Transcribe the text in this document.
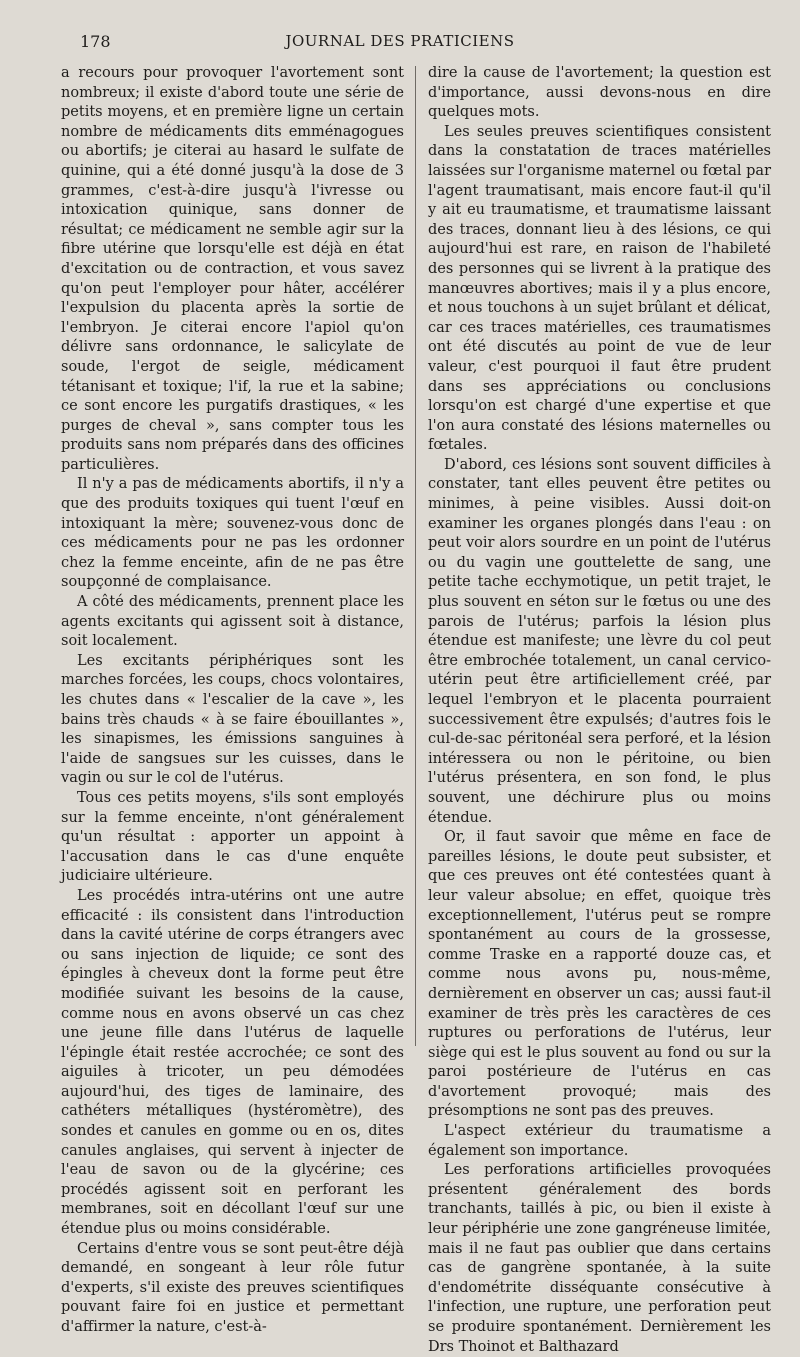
178	JOURNAL DES PRATICIENS

a recours pour provoquer l'avortement sont nombreux; il existe d'abord toute une série de petits moyens, et en première ligne un certain nombre de médicaments dits emménagogues ou abortifs; je citerai au hasard le sulfate de quinine, qui a été donné jusqu'à la dose de 3 grammes, c'est-à-dire jusqu'à l'ivresse ou intoxication quinique, sans donner de résultat; ce médicament ne semble agir sur la fibre utérine que lorsqu'elle est déjà en état d'excitation ou de contraction, et vous savez qu'on peut l'employer pour hâter, accélérer l'expulsion du placenta après la sortie de l'embryon. Je citerai encore l'apiol qu'on délivre sans ordonnance, le salicylate de soude, l'ergot de seigle, médicament tétanisant et toxique; l'if, la rue et la sabine; ce sont encore les purgatifs drastiques, « les purges de cheval », sans compter tous les produits sans nom préparés dans des officines particulières.

Il n'y a pas de médicaments abortifs, il n'y a que des produits toxiques qui tuent l'œuf en intoxiquant la mère; souvenez-vous donc de ces médicaments pour ne pas les ordonner chez la femme enceinte, afin de ne pas être soupçonné de complaisance.

A côté des médicaments, prennent place les agents excitants qui agissent soit à distance, soit localement.

Les excitants périphériques sont les marches forcées, les coups, chocs volontaires, les chutes dans « l'escalier de la cave », les bains très chauds « à se faire ébouillantes », les sinapismes, les émissions sanguines à l'aide de sangsues sur les cuisses, dans le vagin ou sur le col de l'utérus.

Tous ces petits moyens, s'ils sont employés sur la femme enceinte, n'ont généralement qu'un résultat : apporter un appoint à l'accusation dans le cas d'une enquête judiciaire ultérieure.

Les procédés intra-utérins ont une autre efficacité : ils consistent dans l'introduction dans la cavité utérine de corps étrangers avec ou sans injection de liquide; ce sont des épingles à cheveux dont la forme peut être modifiée suivant les besoins de la cause, comme nous en avons observé un cas chez une jeune fille dans l'utérus de laquelle l'épingle était restée accrochée; ce sont des aiguiles à tricoter, un peu démodées aujourd'hui, des tiges de laminaire, des cathéters métalliques (hystéromètre), des sondes et canules en gomme ou en os, dites canules anglaises, qui servent à injecter de l'eau de savon ou de la glycérine; ces procédés agissent soit en perforant les membranes, soit en décollant l'œuf sur une étendue plus ou moins considérable.

Certains d'entre vous se sont peut-être déjà demandé, en songeant à leur rôle futur d'experts, s'il existe des preuves scientifiques pouvant faire foi en justice et permettant d'affirmer la nature, c'est-à-

dire la cause de l'avortement; la question est d'importance, aussi devons-nous en dire quelques mots.

Les seules preuves scientifiques consistent dans la constatation de traces matérielles laissées sur l'organisme maternel ou fœtal par l'agent traumatisant, mais encore faut-il qu'il y ait eu traumatisme, et traumatisme laissant des traces, donnant lieu à des lésions, ce qui aujourd'hui est rare, en raison de l'habileté des personnes qui se livrent à la pratique des manœuvres abortives; mais il y a plus encore, et nous touchons à un sujet brûlant et délicat, car ces traces matérielles, ces traumatismes ont été discutés au point de vue de leur valeur, c'est pourquoi il faut être prudent dans ses appréciations ou conclusions lorsqu'on est chargé d'une expertise et que l'on aura constaté des lésions maternelles ou fœtales.

D'abord, ces lésions sont souvent difficiles à constater, tant elles peuvent être petites ou minimes, à peine visibles. Aussi doit-on examiner les organes plongés dans l'eau : on peut voir alors sourdre en un point de l'utérus ou du vagin une gouttelette de sang, une petite tache ecchymotique, un petit trajet, le plus souvent en séton sur le fœtus ou une des parois de l'utérus; parfois la lésion plus étendue est manifeste; une lèvre du col peut être embrochée totalement, un canal cervico-utérin peut être artificiellement créé, par lequel l'embryon et le placenta pourraient successivement être expulsés; d'autres fois le cul-de-sac péritonéal sera perforé, et la lésion intéressera ou non le péritoine, ou bien l'utérus présentera, en son fond, le plus souvent, une déchirure plus ou moins étendue.

Or, il faut savoir que même en face de pareilles lésions, le doute peut subsister, et que ces preuves ont été contestées quant à leur valeur absolue; en effet, quoique très exceptionnellement, l'utérus peut se rompre spontanément au cours de la grossesse, comme Traske en a rapporté douze cas, et comme nous avons pu, nous-même, dernièrement en observer un cas; aussi faut-il examiner de très près les caractères de ces ruptures ou perforations de l'utérus, leur siège qui est le plus souvent au fond ou sur la paroi postérieure de l'utérus en cas d'avortement provoqué; mais des présomptions ne sont pas des preuves.

L'aspect extérieur du traumatisme a également son importance.

Les perforations artificielles provoquées présentent généralement des bords tranchants, taillés à pic, ou bien il existe à leur périphérie une zone gangréneuse limitée, mais il ne faut pas oublier que dans certains cas de gangrène spontanée, à la suite d'endométrite disséquante consécutive à l'infection, une rupture, une perforation peut se produire spontanément. Dernièrement les Drs Thoinot et Balthazard
